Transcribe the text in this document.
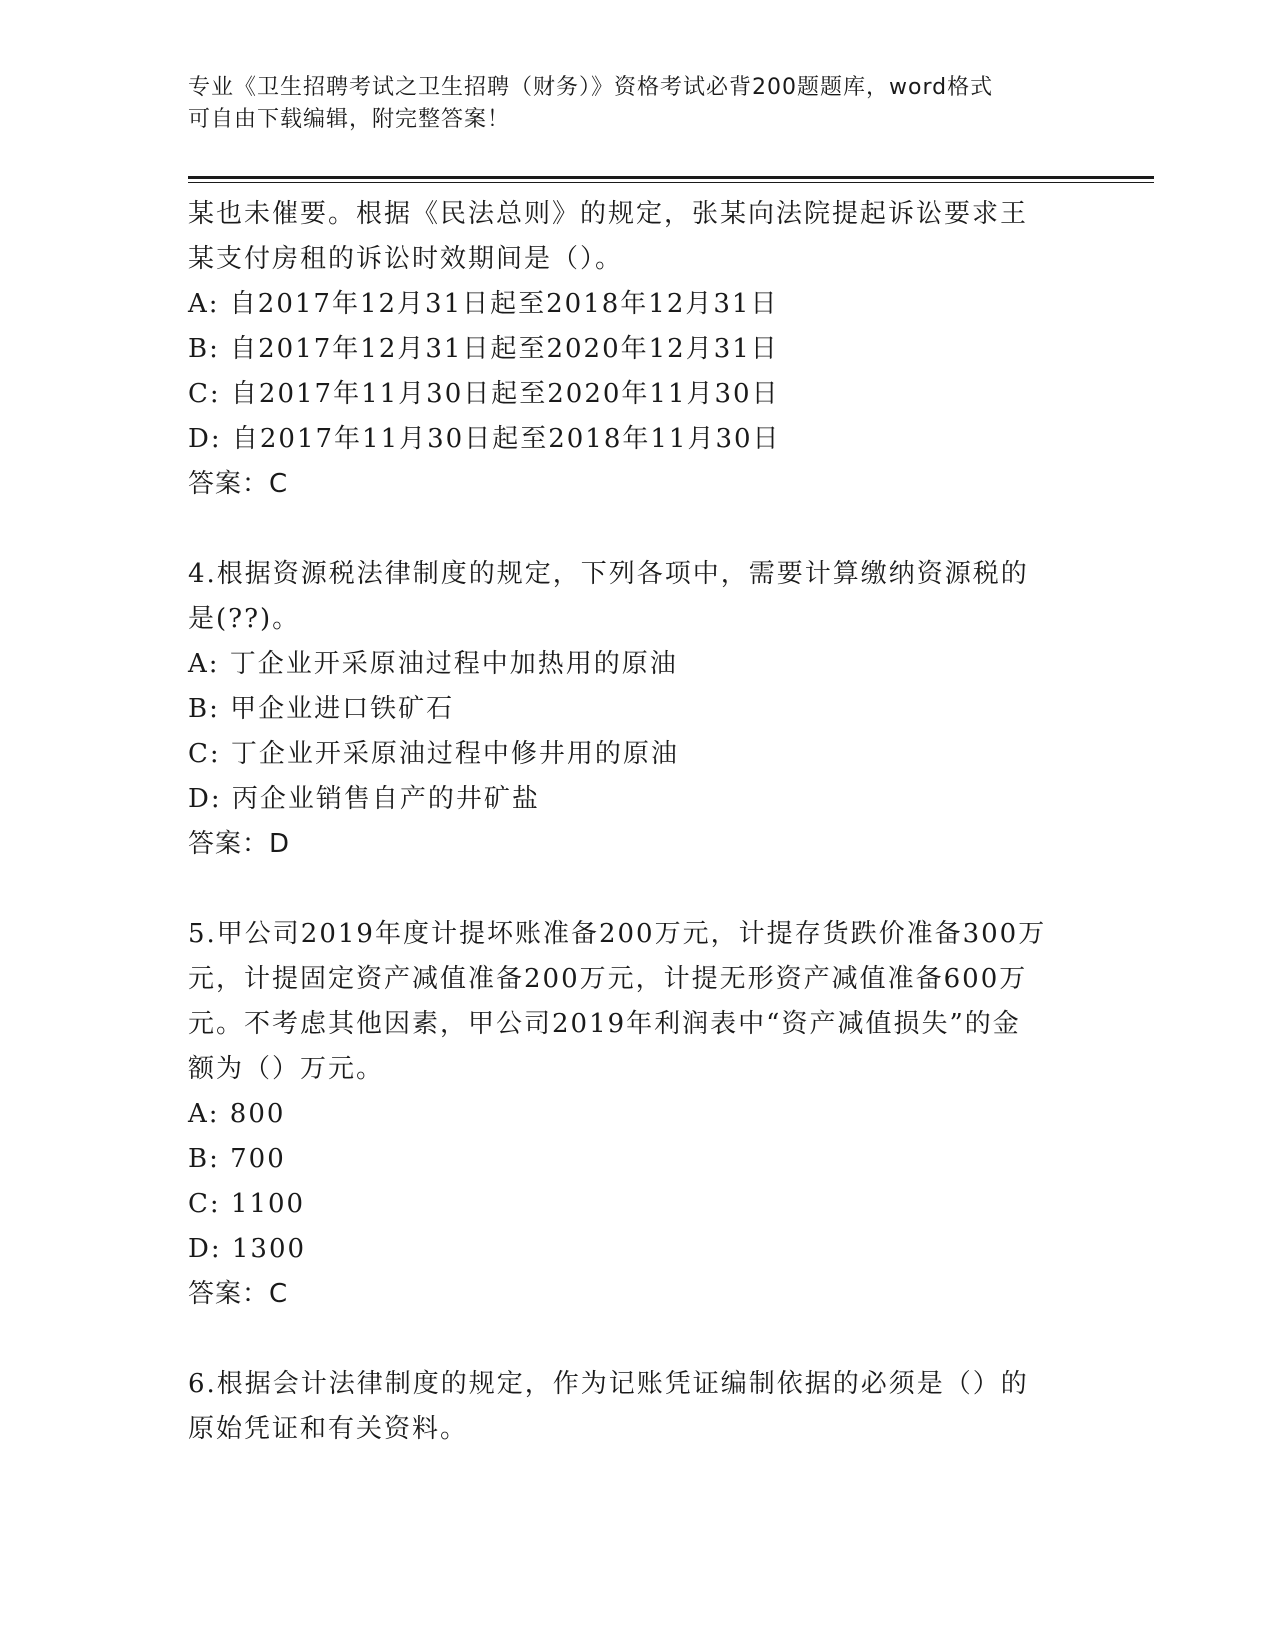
专业《卫生招聘考试之卫生招聘（财务）》资格考试必背200题题库，word格式
可自由下载编辑，附完整答案！
某也未催要。根据《民法总则》的规定，张某向法院提起诉讼要求王
某支付房租的诉讼时效期间是（）。
A: 自2017年12月31日起至2018年12月31日
B: 自2017年12月31日起至2020年12月31日
C: 自2017年11月30日起至2020年11月30日
D: 自2017年11月30日起至2018年11月30日
答案：C
4.根据资源税法律制度的规定，下列各项中，需要计算缴纳资源税的
是(??)。
A: 丁企业开采原油过程中加热用的原油
B: 甲企业进口铁矿石
C: 丁企业开采原油过程中修井用的原油
D: 丙企业销售自产的井矿盐
答案：D
5.甲公司2019年度计提坏账准备200万元，计提存货跌价准备300万
元，计提固定资产减值准备200万元，计提无形资产减值准备600万
元。不考虑其他因素，甲公司2019年利润表中“资产减值损失”的金
额为（）万元。
A: 800
B: 700
C: 1100
D: 1300
答案：C
6.根据会计法律制度的规定，作为记账凭证编制依据的必须是（）的
原始凭证和有关资料。
